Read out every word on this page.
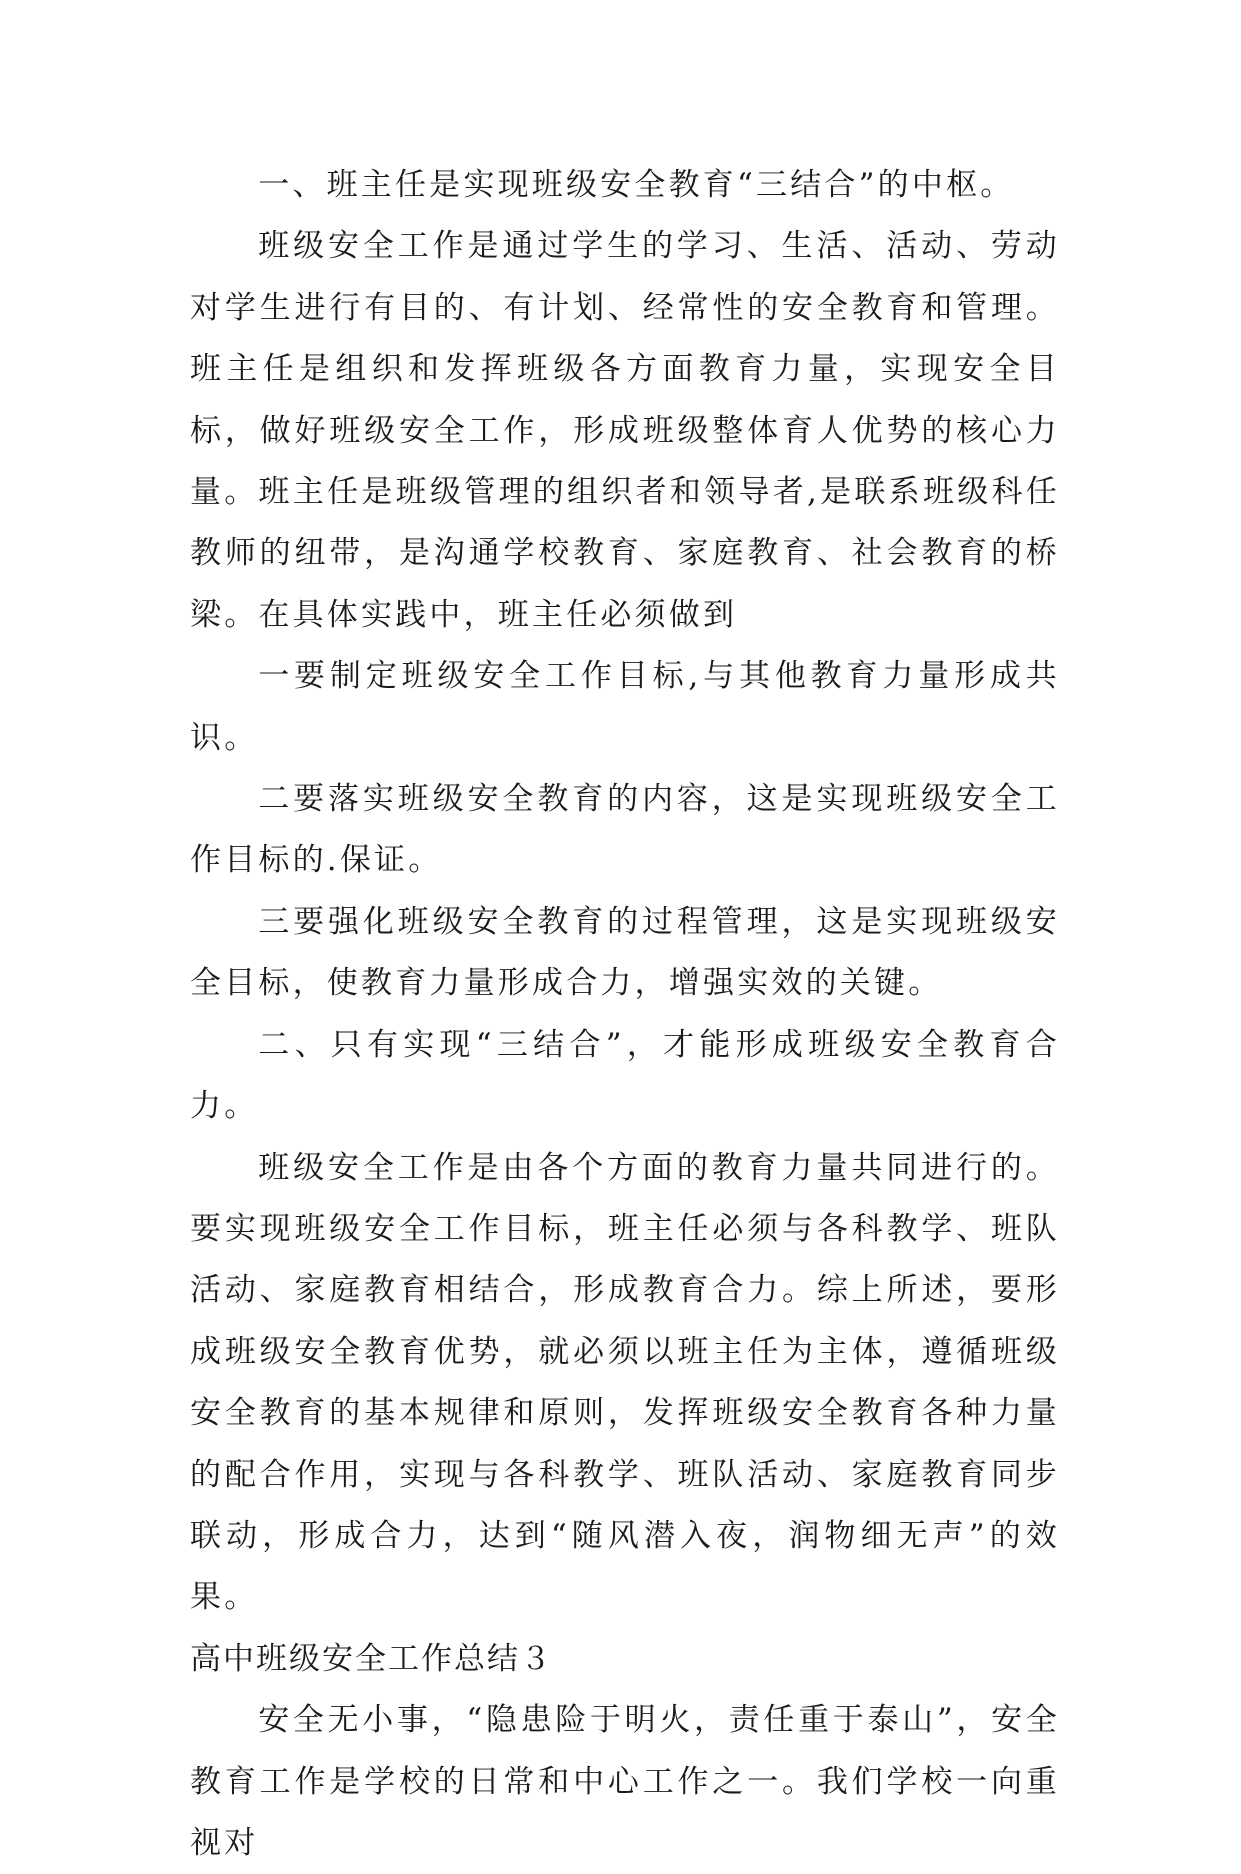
一、班主任是实现班级安全教育“三结合”的中枢。

班级安全工作是通过学生的学习、生活、活动、劳动对学生进行有目的、有计划、经常性的安全教育和管理。班主任是组织和发挥班级各方面教育力量，实现安全目标，做好班级安全工作，形成班级整体育人优势的核心力量。班主任是班级管理的组织者和领导者,是联系班级科任教师的纽带，是沟通学校教育、家庭教育、社会教育的桥梁。在具体实践中，班主任必须做到

一要制定班级安全工作目标,与其他教育力量形成共识。

二要落实班级安全教育的内容，这是实现班级安全工作目标的.保证。

三要强化班级安全教育的过程管理，这是实现班级安全目标，使教育力量形成合力，增强实效的关键。

二、只有实现“三结合”，才能形成班级安全教育合力。

班级安全工作是由各个方面的教育力量共同进行的。要实现班级安全工作目标，班主任必须与各科教学、班队活动、家庭教育相结合，形成教育合力。综上所述，要形成班级安全教育优势，就必须以班主任为主体，遵循班级安全教育的基本规律和原则，发挥班级安全教育各种力量的配合作用，实现与各科教学、班队活动、家庭教育同步联动，形成合力，达到“随风潜入夜，润物细无声”的效果。

高中班级安全工作总结３

安全无小事，“隐患险于明火，责任重于泰山”，安全教育工作是学校的日常和中心工作之一。我们学校一向重视对
